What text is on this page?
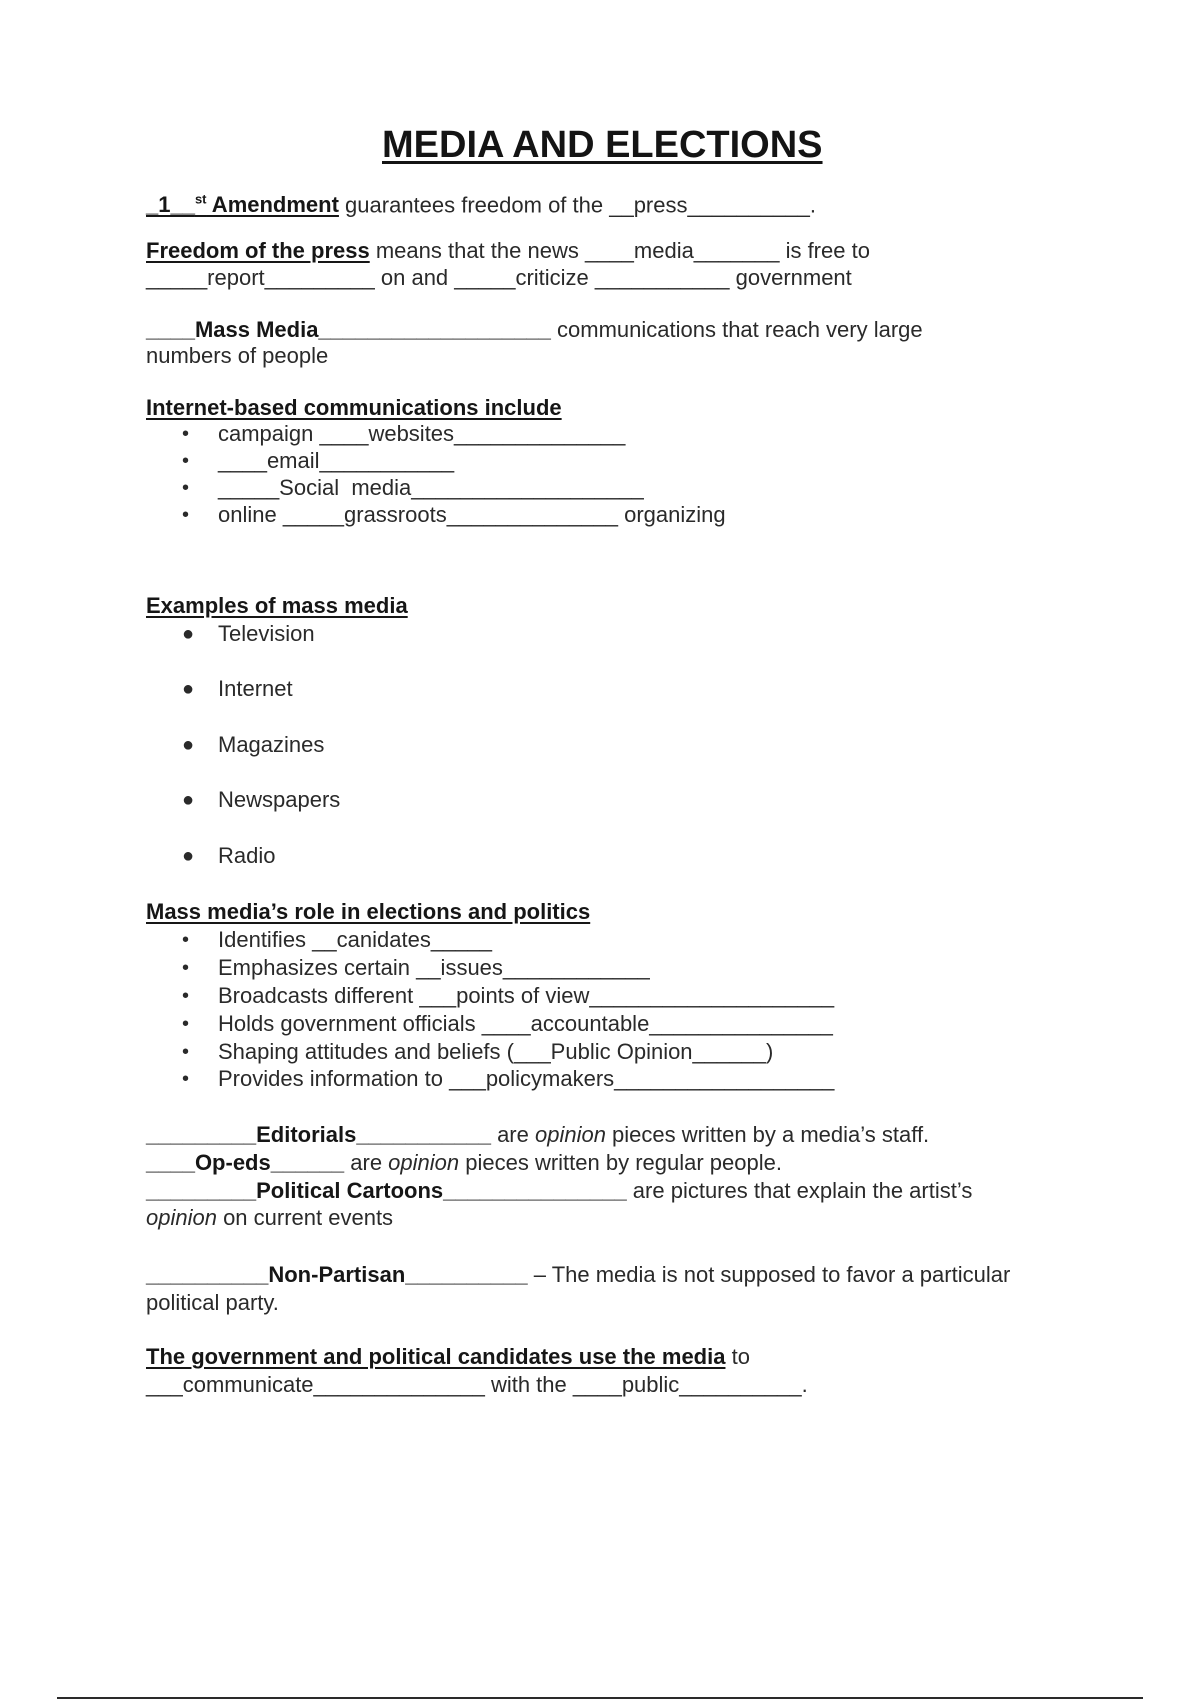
MEDIA AND ELECTIONS
_1__$^{st}$ Amendment guarantees freedom of the __press__________.
Freedom of the press means that the news ____media_______ is free to
_____report_________ on and _____criticize ___________ government
____Mass Media___________________ communications that reach very large
numbers of people
Internet-based communications include
• campaign ____websites______________
• ____email___________
• _____Social  media___________________
• online _____grassroots______________ organizing
Examples of mass media
● Television
● Internet
● Magazines
● Newspapers
● Radio
Mass media’s role in elections and politics
• Identifies __canidates_____
• Emphasizes certain __issues____________
• Broadcasts different ___points of view____________________
• Holds government officials ____accountable_______________
• Shaping attitudes and beliefs (___Public Opinion______)
• Provides information to ___policymakers__________________
_________Editorials___________ are opinion pieces written by a media’s staff.
____Op-eds______ are opinion pieces written by regular people.
_________Political Cartoons_______________ are pictures that explain the artist’s
opinion on current events
__________Non-Partisan__________ – The media is not supposed to favor a particular
political party.
The government and political candidates use the media to
___communicate______________ with the ____public__________.
